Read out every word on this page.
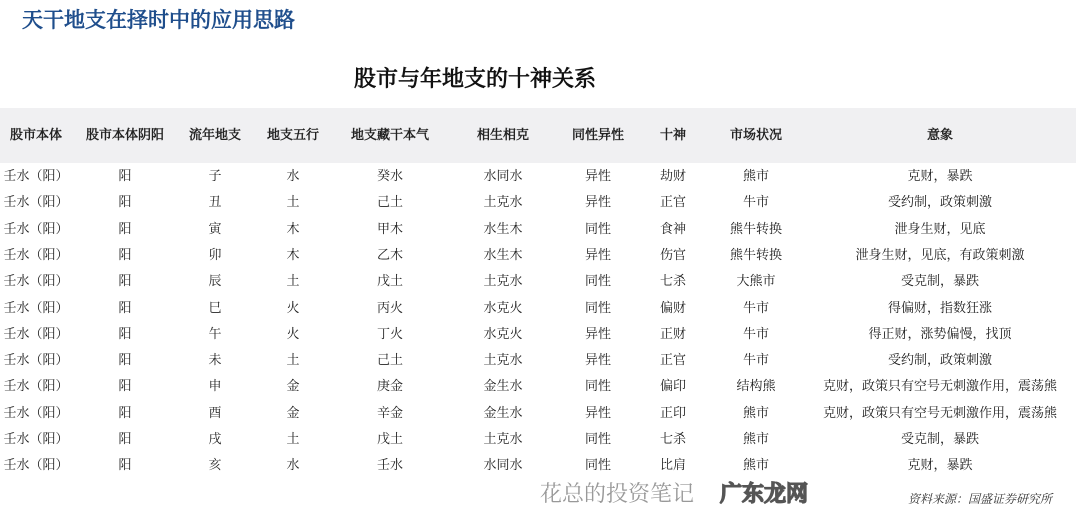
天干地支在择时中的应用思路
股市与年地支的十神关系
股市本体 股市本体阴阳 流年地支 地支五行 地支藏干本气	相生相克	同性异性	十神	市场状况	意象
壬水（阳）	阳	子	水	癸水	水同水	异性	劫财	熊市	克财，暴跌
壬水（阳）	阳	丑	土	己土	土克水	异性	正官	牛市	受约制，政策刺激
壬水（阳）	阳	寅	木	甲木	水生木	同性	食神	熊牛转换	泄身生财，见底
壬水（阳）	阳	卯	木	乙木	水生木	异性	伤官	熊牛转换	泄身生财，见底，有政策刺激
壬水（阳）	阳	辰	土	戊土	土克水	同性	七杀	大熊市	受克制，暴跌
壬水（阳）	阳	巳	火	丙火	水克火	同性	偏财	牛市	得偏财，指数狂涨
壬水（阳）	阳	午	火	丁火	水克火	异性	正财	牛市	得正财，涨势偏慢，找顶
壬水（阳）	阳	未	土	己土	土克水	异性	正官	牛市	受约制，政策刺激
壬水（阳）	阳	申	金	庚金	金生水	同性	偏印	结构熊	克财，政策只有空号无刺激作用，震荡熊
壬水（阳）	阳	酉	金	辛金	金生水	异性	正印	熊市	克财，政策只有空号无刺激作用，震荡熊
壬水（阳）	阳	戌	土	戊土	土克水	同性	七杀	熊市	受克制，暴跌
壬水（阳）	阳	亥	水	壬水	水同水	同性	比肩	熊市	克财，暴跌
花总的投资笔记 广东龙网	资料来源：国盛证券研究所
